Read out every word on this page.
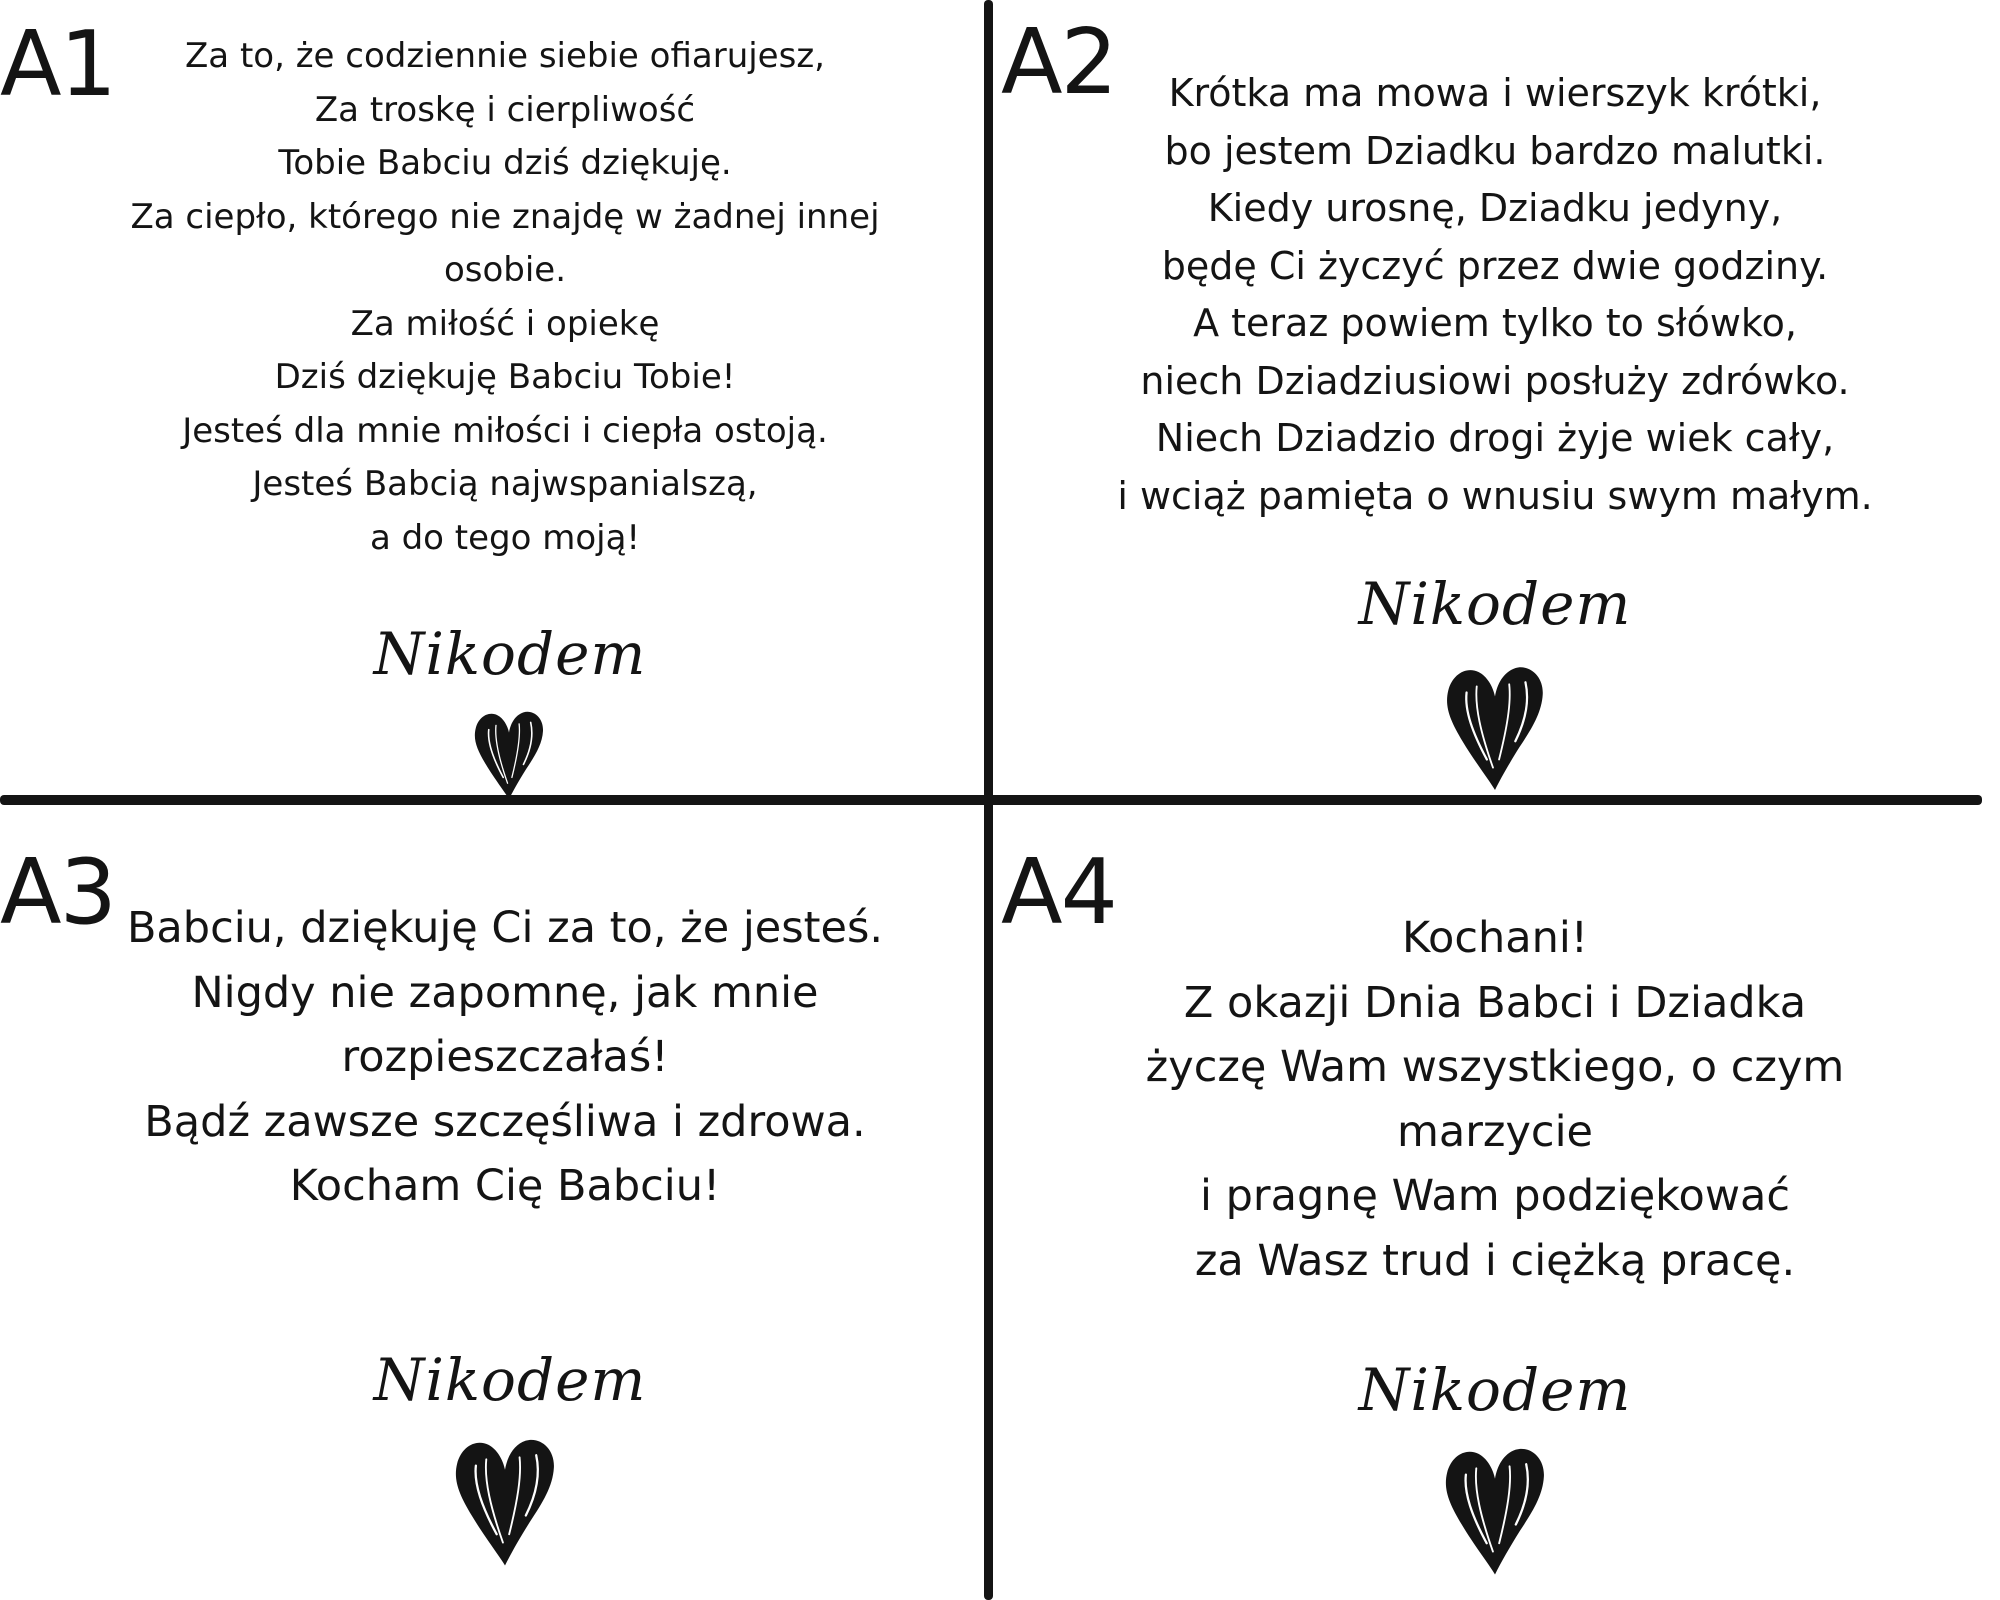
A1	Za to, że codziennie siebie ofiarujesz,
Za troskę i cierpliwość
Tobie Babciu dziś dziękuję.
Za ciepło, którego nie znajdę w żadnej innej
osobie.
Za miłość i opiekę
Dziś dziękuję Babciu Tobie!
Jesteś dla mnie miłości i ciepła ostoją.
Jesteś Babcią najwspanialszą,
a do tego moją!

Nikodem
A2	Krótka ma mowa i wierszyk krótki,
bo jestem Dziadku bardzo malutki.
Kiedy urosnę, Dziadku jedyny,
będę Ci życzyć przez dwie godziny.
A teraz powiem tylko to słówko,
niech Dziadziusiowi posłuży zdrówko.
Niech Dziadzio drogi żyje wiek cały,
i wciąż pamięta o wnusiu swym małym.

Nikodem
A3 Babciu, dziękuję Ci za to, że jesteś.
Nigdy nie zapomnę, jak mnie
rozpieszczałaś!
Bądź zawsze szczęśliwa i zdrowa.
Kocham Cię Babciu!

Nikodem
A4	Kochani!
Z okazji Dnia Babci i Dziadka
życzę Wam wszystkiego, o czym
marzycie
i pragnę Wam podziękować
za Wasz trud i ciężką pracę.

Nikodem
